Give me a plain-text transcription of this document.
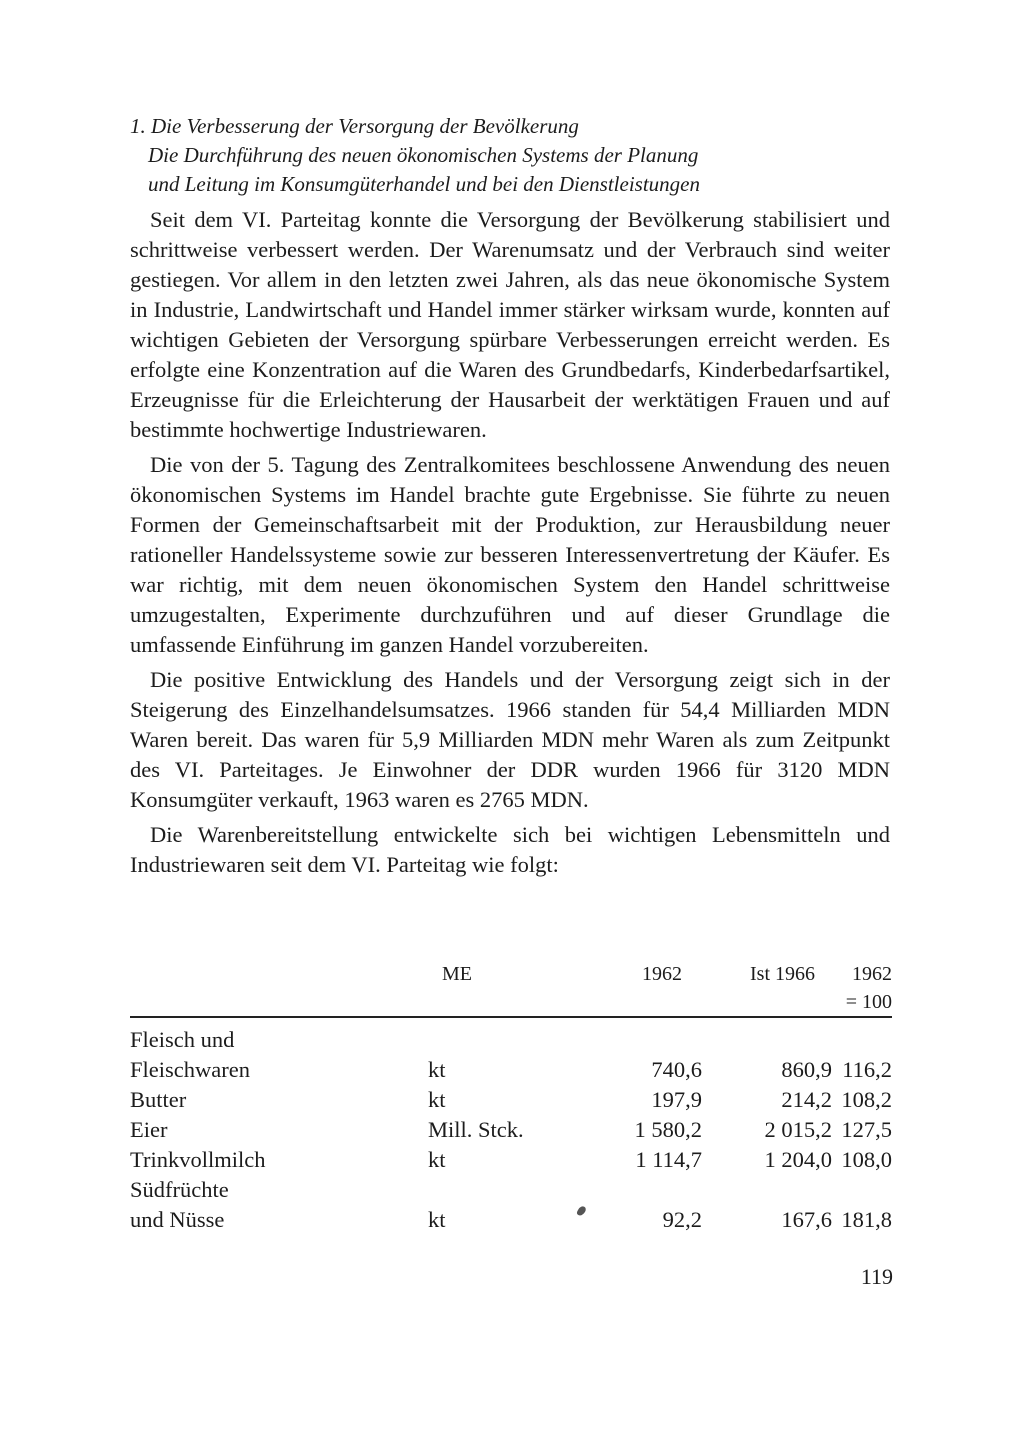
1. Die Verbesserung der Versorgung der Bevölkerung
Die Durchführung des neuen ökonomischen Systems der Planung
und Leitung im Konsumgüterhandel und bei den Dienstleistungen

Seit dem VI. Parteitag konnte die Versorgung der Bevölkerung stabilisiert und schrittweise verbessert werden. Der Warenumsatz und der Verbrauch sind weiter gestiegen. Vor allem in den letzten zwei Jahren, als das neue ökonomische System in Industrie, Landwirtschaft und Handel immer stärker wirksam wurde, konnten auf wichtigen Gebieten der Versorgung spürbare Verbesserungen erreicht werden. Es erfolgte eine Konzentration auf die Waren des Grundbedarfs, Kinderbedarfsartikel, Erzeugnisse für die Erleichterung der Hausarbeit der werktätigen Frauen und auf bestimmte hochwertige Industriewaren.

Die von der 5. Tagung des Zentralkomitees beschlossene Anwendung des neuen ökonomischen Systems im Handel brachte gute Ergebnisse. Sie führte zu neuen Formen der Gemeinschaftsarbeit mit der Produktion, zur Herausbildung neuer rationeller Handelssysteme sowie zur besseren Interessenvertretung der Käufer. Es war richtig, mit dem neuen ökonomischen System den Handel schrittweise umzugestalten, Experimente durchzuführen und auf dieser Grundlage die umfassende Einführung im ganzen Handel vorzubereiten.

Die positive Entwicklung des Handels und der Versorgung zeigt sich in der Steigerung des Einzelhandelsumsatzes. 1966 standen für 54,4 Milliarden MDN Waren bereit. Das waren für 5,9 Milliarden MDN mehr Waren als zum Zeitpunkt des VI. Parteitages. Je Einwohner der DDR wurden 1966 für 3120 MDN Konsumgüter verkauft, 1963 waren es 2765 MDN.

Die Warenbereitstellung entwickelte sich bei wichtigen Lebensmitteln und Industriewaren seit dem VI. Parteitag wie folgt:

ME	1962	Ist 1966	1962
= 100
Fleisch und
Fleischwaren	kt	740,6	860,9 116,2
Butter	kt	197,9	214,2 108,2
Eier	Mill. Stck.	1 580,2	2 015,2 127,5
Trinkvollmilch	kt	1 114,7	1 204,0 108,0
Südfrüchte
und Nüsse	kt	92,2	167,6 181,8
119
